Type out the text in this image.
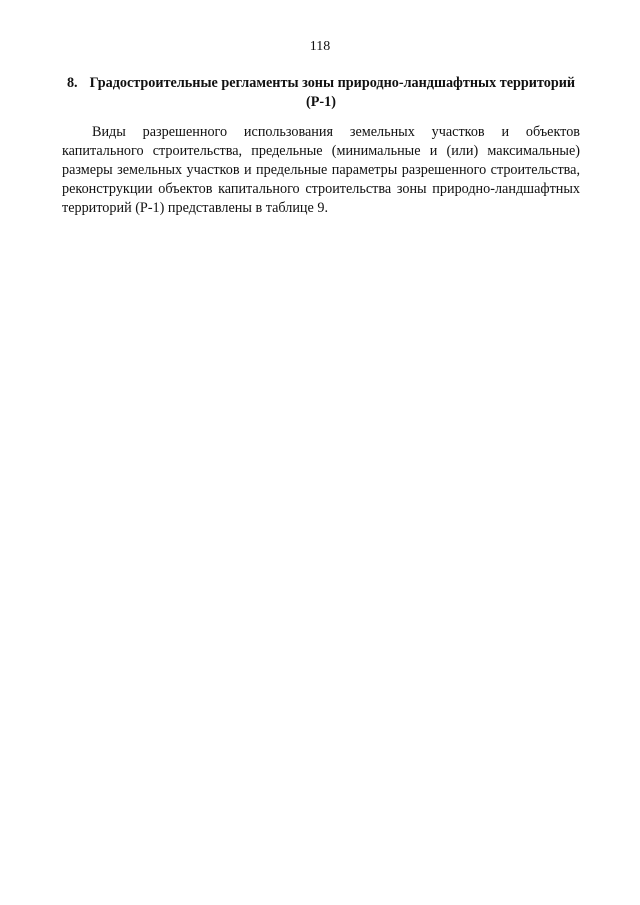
118
8. Градостроительные регламенты зоны природно-ландшафтных территорий (Р-1)

Виды разрешенного использования земельных участков и объектов капитального строительства, предельные (минимальные и (или) максимальные) размеры земельных участков и предельные параметры разрешенного строительства, реконструкции объектов капитального строительства зоны природно-ландшафтных территорий (Р-1) представлены в таблице 9.
